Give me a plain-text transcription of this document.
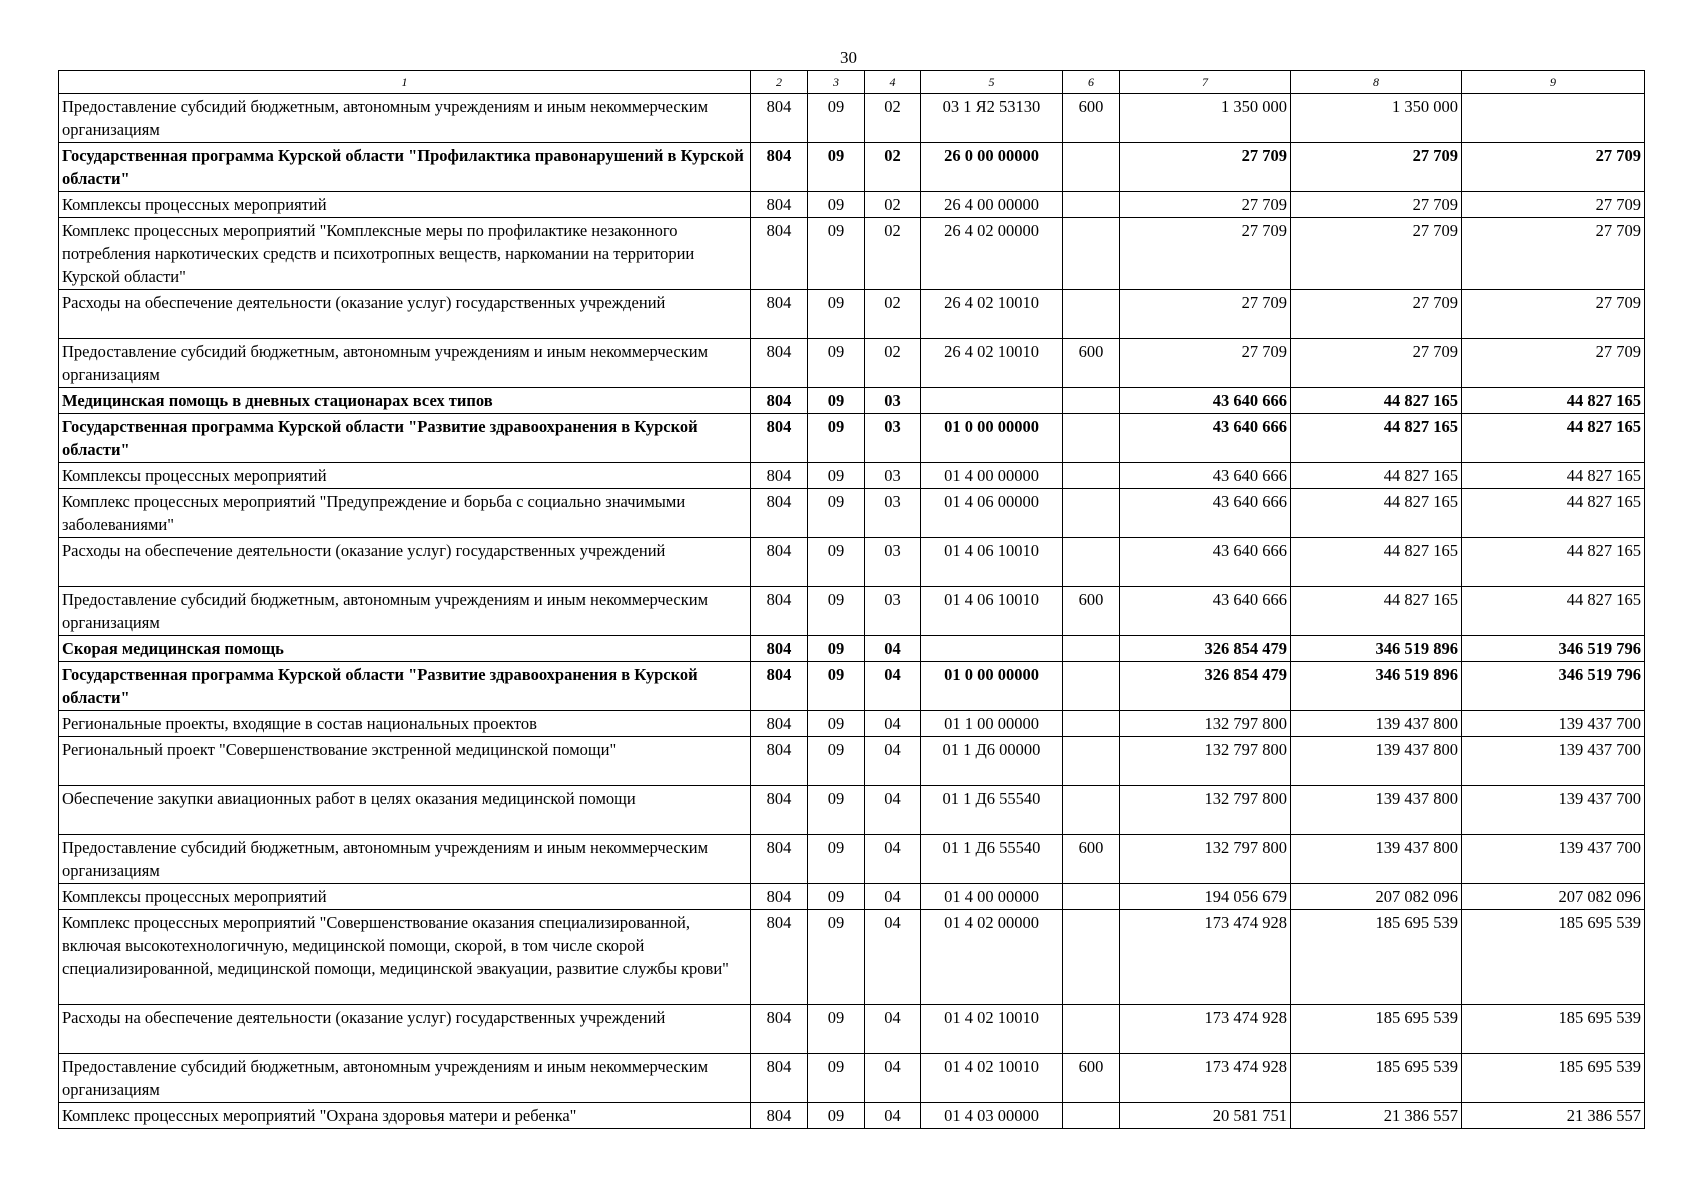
30
1	2	3	4	5	6	7	8	9
Предоставление субсидий бюджетным, автономным учреждениям и иным некоммерческим организациям	804	09	02	03 1 Я2 53130	600	1 350 000	1 350 000	
Государственная программа Курской области "Профилактика правонарушений в Курской области"	804	09	02	26 0 00 00000		27 709	27 709	27 709
Комплексы процессных мероприятий	804	09	02	26 4 00 00000		27 709	27 709	27 709
Комплекс процессных мероприятий "Комплексные меры по профилактике незаконного потребления наркотических средств и психотропных веществ, наркомании на территории Курской области"	804	09	02	26 4 02 00000		27 709	27 709	27 709
Расходы на обеспечение деятельности (оказание услуг) государственных учреждений	804	09	02	26 4 02 10010		27 709	27 709	27 709
Предоставление субсидий бюджетным, автономным учреждениям и иным некоммерческим организациям	804	09	02	26 4 02 10010	600	27 709	27 709	27 709
Медицинская помощь в дневных стационарах всех типов	804	09	03			43 640 666	44 827 165	44 827 165
Государственная программа Курской области "Развитие здравоохранения в Курской области"	804	09	03	01 0 00 00000		43 640 666	44 827 165	44 827 165
Комплексы процессных мероприятий	804	09	03	01 4 00 00000		43 640 666	44 827 165	44 827 165
Комплекс процессных мероприятий "Предупреждение и борьба с социально значимыми заболеваниями"	804	09	03	01 4 06 00000		43 640 666	44 827 165	44 827 165
Расходы на обеспечение деятельности (оказание услуг) государственных учреждений	804	09	03	01 4 06 10010		43 640 666	44 827 165	44 827 165
Предоставление субсидий бюджетным, автономным учреждениям и иным некоммерческим организациям	804	09	03	01 4 06 10010	600	43 640 666	44 827 165	44 827 165
Скорая медицинская помощь	804	09	04			326 854 479	346 519 896	346 519 796
Государственная программа Курской области "Развитие здравоохранения в Курской области"	804	09	04	01 0 00 00000		326 854 479	346 519 896	346 519 796
Региональные проекты, входящие в состав национальных проектов	804	09	04	01 1 00 00000		132 797 800	139 437 800	139 437 700
Региональный проект "Совершенствование экстренной медицинской помощи"	804	09	04	01 1 Д6 00000		132 797 800	139 437 800	139 437 700
Обеспечение закупки авиационных работ в целях оказания медицинской помощи	804	09	04	01 1 Д6 55540		132 797 800	139 437 800	139 437 700
Предоставление субсидий бюджетным, автономным учреждениям и иным некоммерческим организациям	804	09	04	01 1 Д6 55540	600	132 797 800	139 437 800	139 437 700
Комплексы процессных мероприятий	804	09	04	01 4 00 00000		194 056 679	207 082 096	207 082 096
Комплекс процессных мероприятий "Совершенствование оказания специализированной, включая высокотехнологичную, медицинской помощи, скорой, в том числе скорой специализированной, медицинской помощи, медицинской эвакуации, развитие службы крови"	804	09	04	01 4 02 00000		173 474 928	185 695 539	185 695 539
Расходы на обеспечение деятельности (оказание услуг) государственных учреждений	804	09	04	01 4 02 10010		173 474 928	185 695 539	185 695 539
Предоставление субсидий бюджетным, автономным учреждениям и иным некоммерческим организациям	804	09	04	01 4 02 10010	600	173 474 928	185 695 539	185 695 539
Комплекс процессных мероприятий "Охрана здоровья матери и ребенка"	804	09	04	01 4 03 00000		20 581 751	21 386 557	21 386 557
